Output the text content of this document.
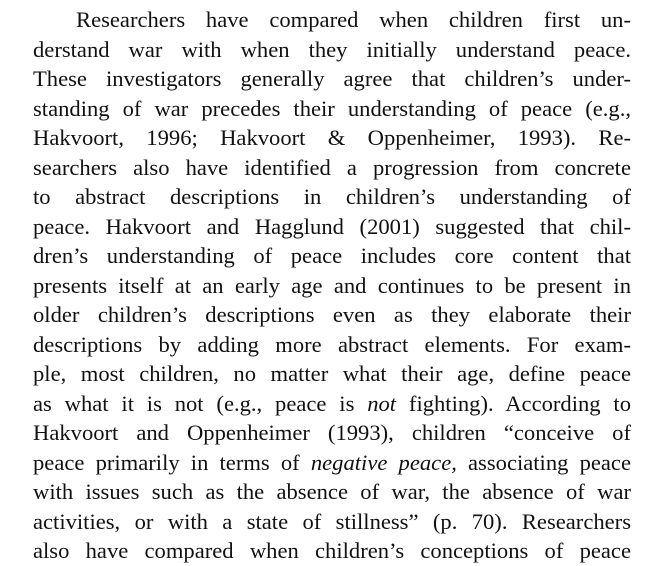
Researchers have compared when children first un-
derstand war with when they initially understand peace.
These investigators generally agree that children’s under-
standing of war precedes their understanding of peace (e.g.,
Hakvoort, 1996; Hakvoort & Oppenheimer, 1993). Re-
searchers also have identified a progression from concrete
to abstract descriptions in children’s understanding of
peace. Hakvoort and Hagglund (2001) suggested that chil-
dren’s understanding of peace includes core content that
presents itself at an early age and continues to be present in
older children’s descriptions even as they elaborate their
descriptions by adding more abstract elements. For exam-
ple, most children, no matter what their age, define peace
as what it is not (e.g., peace is not fighting). According to
Hakvoort and Oppenheimer (1993), children “conceive of
peace primarily in terms of negative peace, associating peace
with issues such as the absence of war, the absence of war
activities, or with a state of stillness” (p. 70). Researchers
also have compared when children’s conceptions of peace
